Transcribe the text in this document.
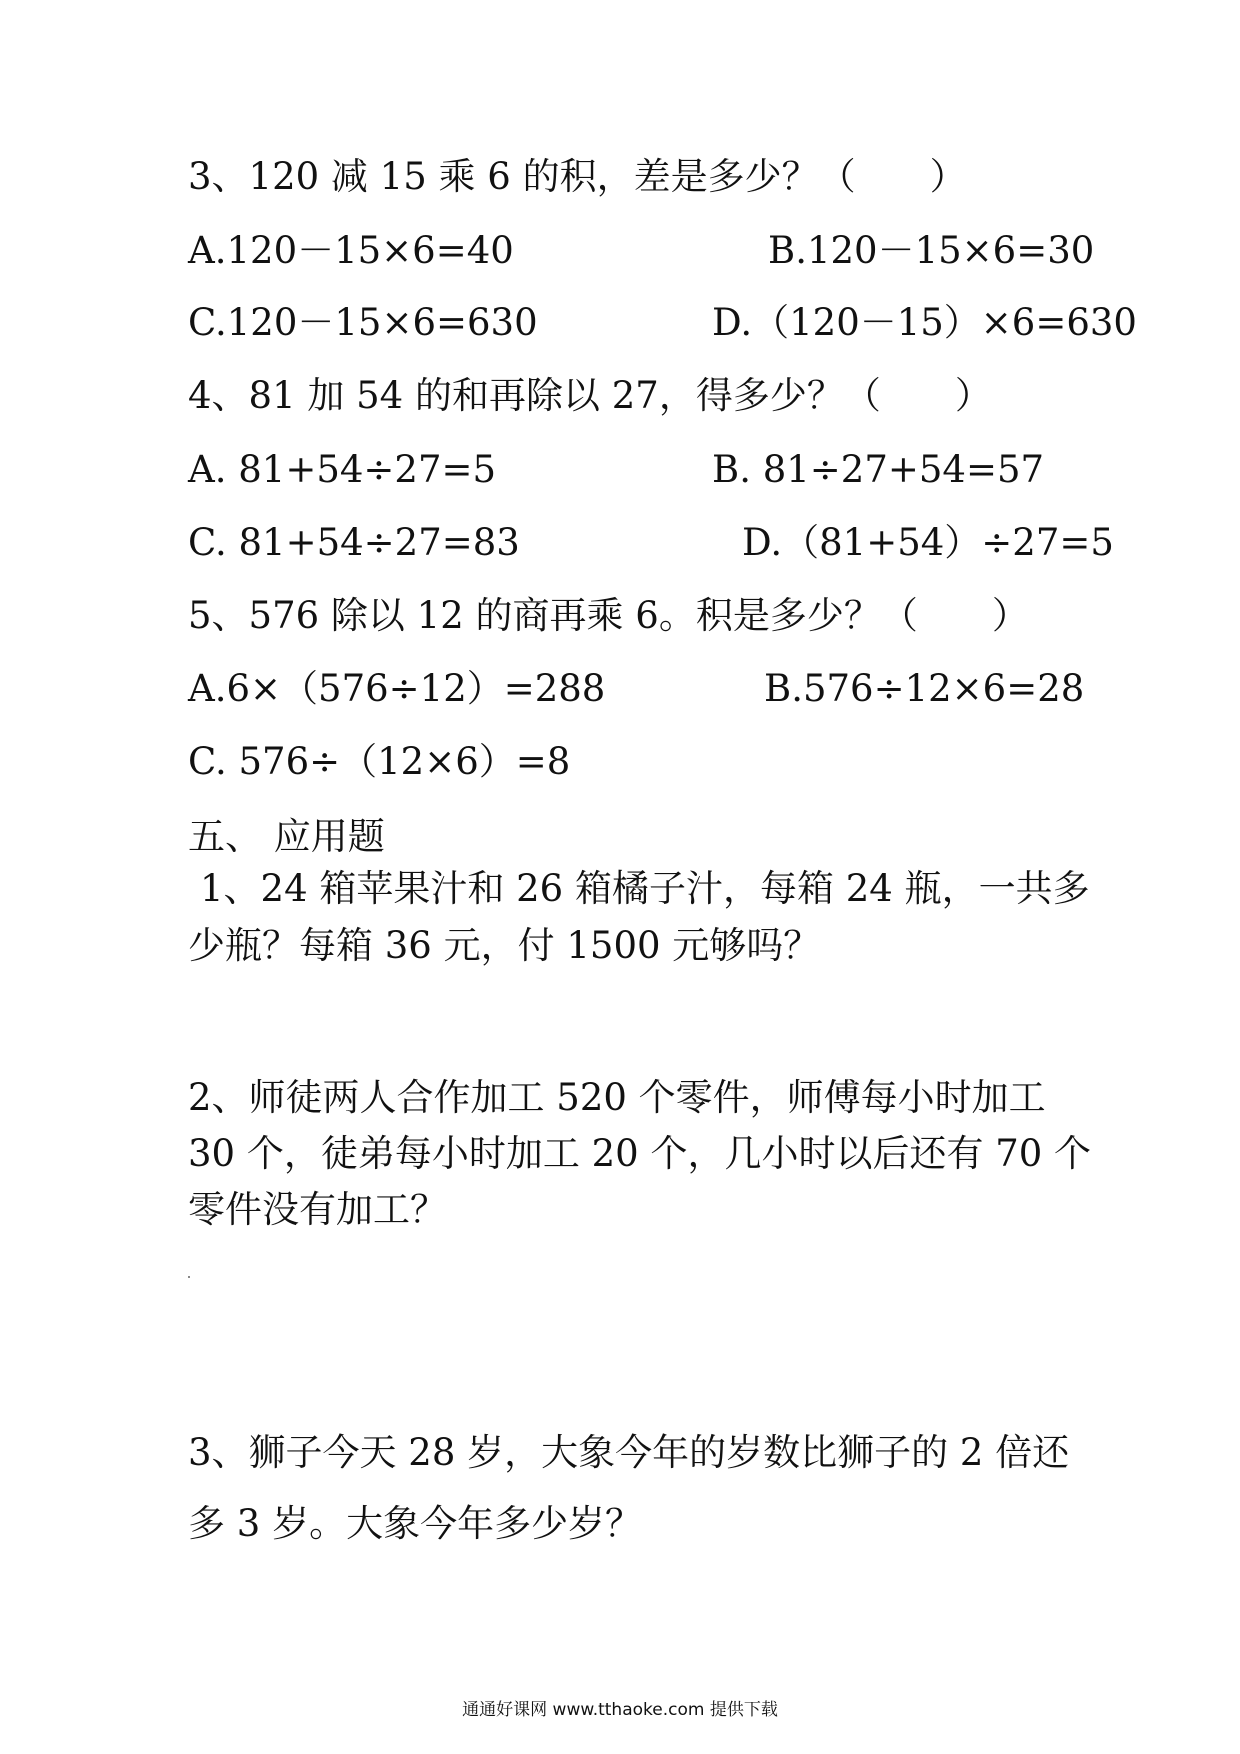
3、120 减 15 乘 6 的积，差是多少？（　　）
A.120－15×6=40	B.120－15×6=30
C.120－15×6=630	D.（120－15）×6=630
4、81 加 54 的和再除以 27，得多少？（　　）
A. 81+54÷27=5	B. 81÷27+54=57
C. 81+54÷27=83	D.（81+54）÷27=5
5、576 除以 12 的商再乘 6。积是多少？（　　）
A.6×（576÷12）=288	B.576÷12×6=28
C. 576÷（12×6）=8
五、 应用题
1、24 箱苹果汁和 26 箱橘子汁，每箱 24 瓶，一共多
少瓶？每箱 36 元，付 1500 元够吗？
2、师徒两人合作加工 520 个零件，师傅每小时加工
30 个，徒弟每小时加工 20 个，几小时以后还有 70 个
零件没有加工？
3、狮子今天 28 岁，大象今年的岁数比狮子的 2 倍还
多 3 岁。大象今年多少岁？
通通好课网 www.tthaoke.com 提供下载
